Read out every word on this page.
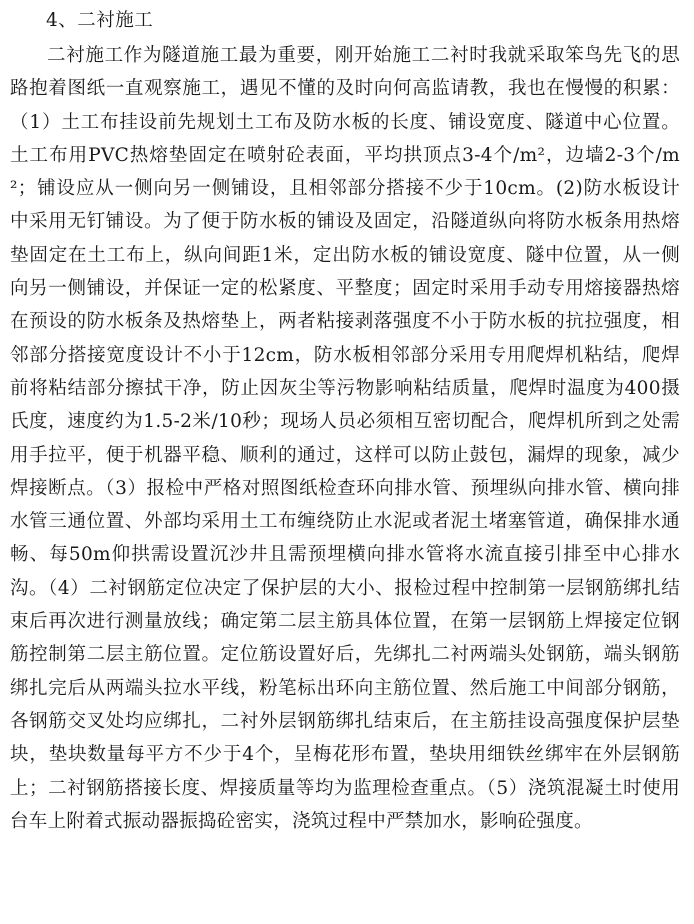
4、二衬施工

二衬施工作为隧道施工最为重要，刚开始施工二衬时我就采取笨鸟先飞的思路抱着图纸一直观察施工，遇见不懂的及时向何高监请教，我也在慢慢的积累：（1）土工布挂设前先规划土工布及防水板的长度、铺设宽度、隧道中心位置。土工布用PVC热熔垫固定在喷射砼表面，平均拱顶点3-4个/m²，边墙2-3个/m²；铺设应从一侧向另一侧铺设，且相邻部分搭接不少于10cm。(2)防水板设计中采用无钉铺设。为了便于防水板的铺设及固定，沿隧道纵向将防水板条用热熔垫固定在土工布上，纵向间距1米，定出防水板的铺设宽度、隧中位置，从一侧向另一侧铺设，并保证一定的松紧度、平整度；固定时采用手动专用熔接器热熔在预设的防水板条及热熔垫上，两者粘接剥落强度不小于防水板的抗拉强度，相邻部分搭接宽度设计不小于12cm，防水板相邻部分采用专用爬焊机粘结，爬焊前将粘结部分擦拭干净，防止因灰尘等污物影响粘结质量，爬焊时温度为400摄氏度，速度约为1.5-2米/10秒；现场人员必须相互密切配合，爬焊机所到之处需用手拉平，便于机器平稳、顺利的通过，这样可以防止鼓包，漏焊的现象，减少焊接断点。（3）报检中严格对照图纸检查环向排水管、预埋纵向排水管、横向排水管三通位置、外部均采用土工布缠绕防止水泥或者泥土堵塞管道，确保排水通畅、每50m仰拱需设置沉沙井且需预埋横向排水管将水流直接引排至中心排水沟。（4）二衬钢筋定位决定了保护层的大小、报检过程中控制第一层钢筋绑扎结束后再次进行测量放线；确定第二层主筋具体位置，在第一层钢筋上焊接定位钢筋控制第二层主筋位置。定位筋设置好后，先绑扎二衬两端头处钢筋，端头钢筋绑扎完后从两端头拉水平线，粉笔标出环向主筋位置、然后施工中间部分钢筋，各钢筋交叉处均应绑扎，二衬外层钢筋绑扎结束后，在主筋挂设高强度保护层垫块，垫块数量每平方不少于4个，呈梅花形布置，垫块用细铁丝绑牢在外层钢筋上；二衬钢筋搭接长度、焊接质量等均为监理检查重点。（5）浇筑混凝土时使用台车上附着式振动器振捣砼密实，浇筑过程中严禁加水，影响砼强度。
